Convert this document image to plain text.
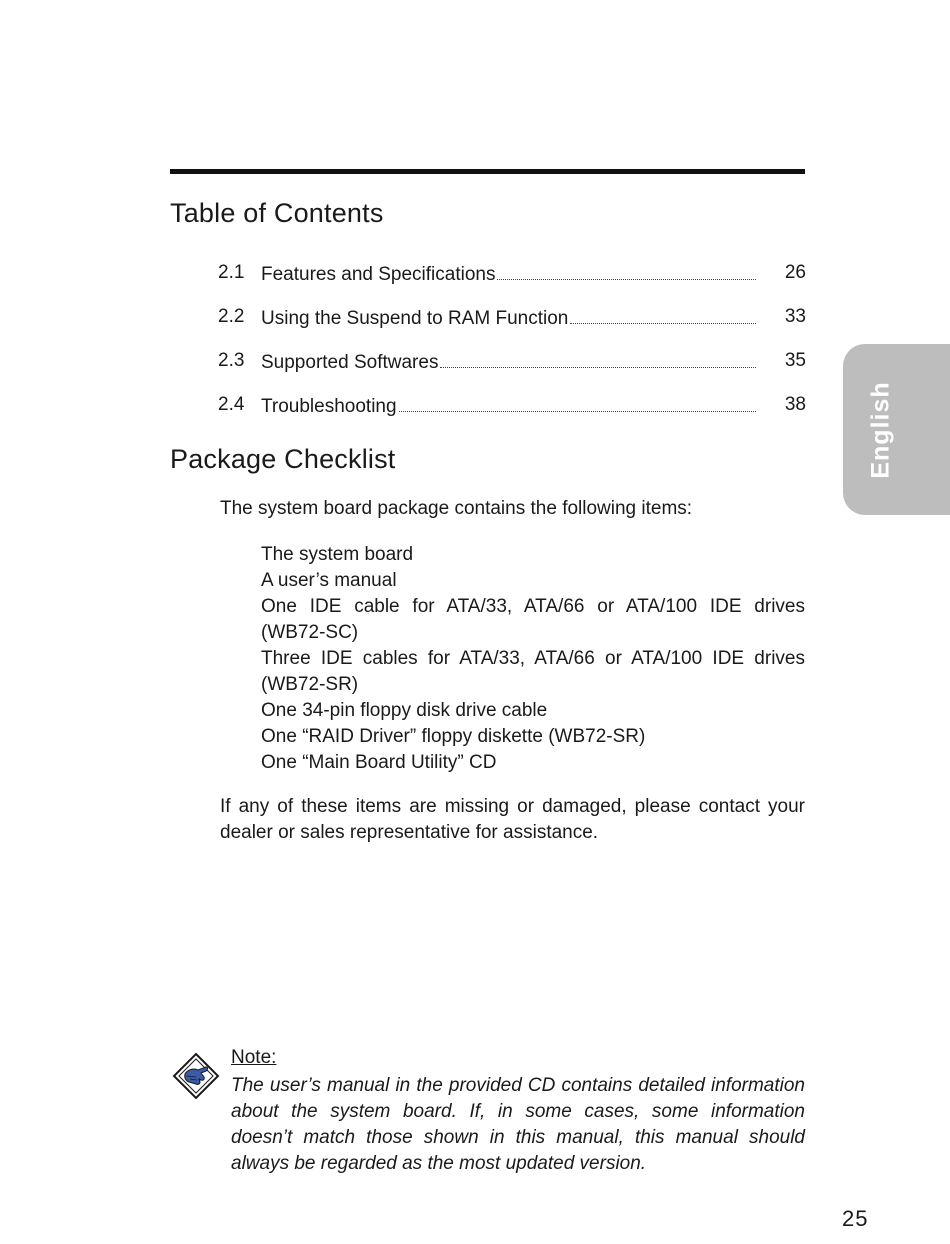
Table of Contents
2.1 Features and Specifications	26
2.2 Using the Suspend to RAM Function	33
2.3 Supported Softwares	35
2.4 Troubleshooting	38
Package Checklist
The system board package contains the following items:
The system board
A user’s manual
One IDE cable for ATA/33, ATA/66 or ATA/100 IDE drives (WB72-SC)
Three IDE cables for ATA/33, ATA/66 or ATA/100 IDE drives (WB72-SR)
One 34-pin floppy disk drive cable
One “RAID Driver” floppy diskette (WB72-SR)
One “Main Board Utility” CD
If any of these items are missing or damaged, please contact your dealer or sales representative for assistance.
English
Note:
The user’s manual in the provided CD contains detailed information about the system board. If, in some cases, some information doesn’t match those shown in this manual, this manual should always be regarded as the most updated version.
25
